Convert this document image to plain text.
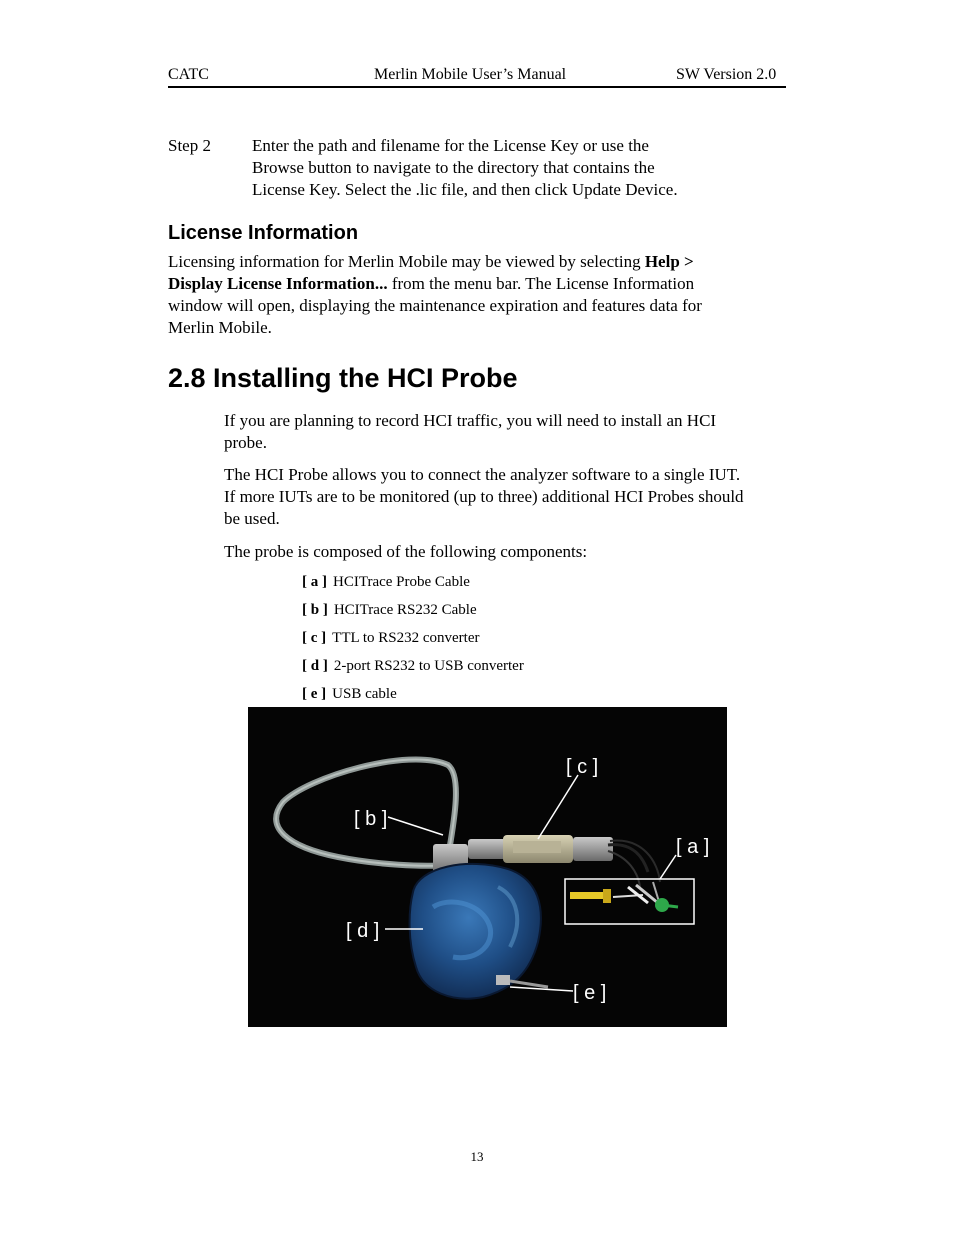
CATC	Merlin Mobile User’s Manual	SW Version 2.0
Step 2 Enter the path and filename for the License Key or use the
Browse button to navigate to the directory that contains the
License Key. Select the .lic file, and then click Update Device.
License Information
Licensing information for Merlin Mobile may be viewed by selecting Help >
Display License Information... from the menu bar. The License Information
window will open, displaying the maintenance expiration and features data for
Merlin Mobile.
2.8 Installing the HCI Probe
If you are planning to record HCI traffic, you will need to install an HCI
probe.
The HCI Probe allows you to connect the analyzer software to a single IUT.
If more IUTs are to be monitored (up to three) additional HCI Probes should
be used.
The probe is composed of the following components:
[ a ] HCITrace Probe Cable
[ b ] HCITrace RS232 Cable
[ c ] TTL to RS232 converter
[ d ] 2-port RS232 to USB converter
[ e ] USB cable
[ c ]
[ b ]
[ a ]
[ d ]
[ e ]
13
